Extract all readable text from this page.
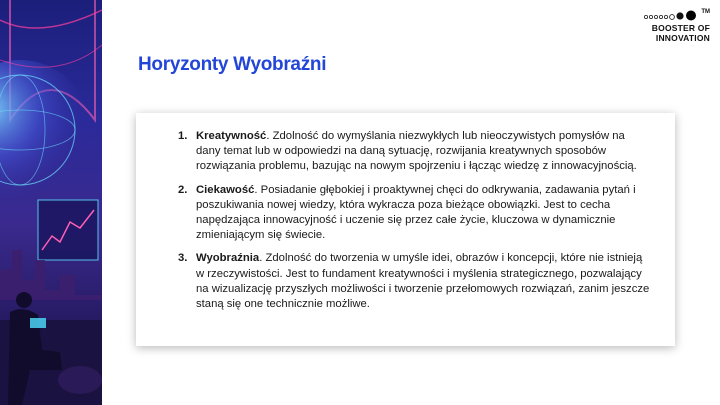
TM
BOOSTER OF
INNOVATION
Horyzonty Wyobraźni
1. Kreatywność. Zdolność do wymyślania niezwykłych lub nieoczywistych pomysłów na dany temat lub w odpowiedzi na daną sytuację, rozwijania kreatywnych sposobów rozwiązania problemu, bazując na nowym spojrzeniu i łącząc wiedzę z innowacyjnością.
2. Ciekawość. Posiadanie głębokiej i proaktywnej chęci do odkrywania, zadawania pytań i poszukiwania nowej wiedzy, która wykracza poza bieżące obowiązki. Jest to cecha napędzająca innowacyjność i uczenie się przez całe życie, kluczowa w dynamicznie zmieniającym się świecie.
3. Wyobraźnia. Zdolność do tworzenia w umyśle idei, obrazów i koncepcji, które nie istnieją w rzeczywistości. Jest to fundament kreatywności i myślenia strategicznego, pozwalający na wizualizację przyszłych możliwości i tworzenie przełomowych rozwiązań, zanim jeszcze staną się one technicznie możliwe.
